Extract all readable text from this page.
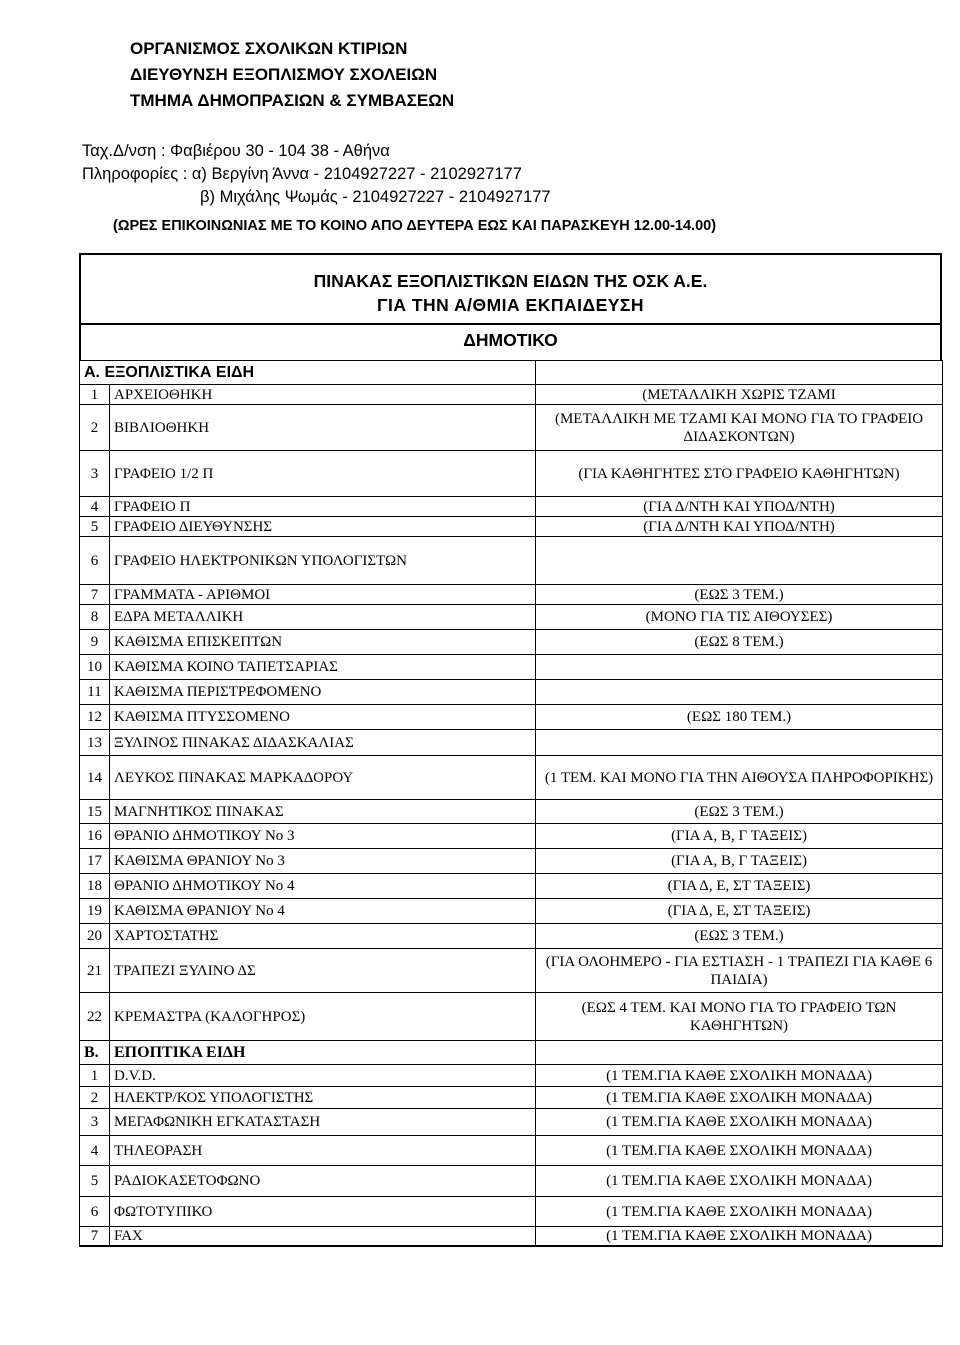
ΟΡΓΑΝΙΣΜΟΣ ΣΧΟΛΙΚΩΝ ΚΤΙΡΙΩΝ
ΔΙΕΥΘΥΝΣΗ ΕΞΟΠΛΙΣΜΟΥ ΣΧΟΛΕΙΩΝ
ΤΜΗΜΑ ΔΗΜΟΠΡΑΣΙΩΝ & ΣΥΜΒΑΣΕΩΝ
Ταχ.Δ/νση : Φαβιέρου 30 - 104 38 - Αθήνα
Πληροφορίες : α) Βεργίνη Άννα - 2104927227 - 2102927177
β) Μιχάλης Ψωμάς - 2104927227 - 2104927177
(ΩΡΕΣ ΕΠΙΚΟΙΝΩΝΙΑΣ ΜΕ ΤΟ ΚΟΙΝΟ ΑΠΟ ΔΕΥΤΕΡΑ ΕΩΣ ΚΑΙ ΠΑΡΑΣΚΕΥΗ 12.00-14.00)
ΠΙΝΑΚΑΣ ΕΞΟΠΛΙΣΤΙΚΩΝ ΕΙΔΩΝ ΤΗΣ ΟΣΚ Α.Ε.
ΓΙΑ ΤΗΝ Α/ΘΜΙΑ ΕΚΠΑΙΔΕΥΣΗ
ΔΗΜΟΤΙΚΟ
Α. ΕΞΟΠΛΙΣΤΙΚΑ ΕΙΔΗ		
1	ΑΡΧΕΙΟΘΗΚΗ	(ΜΕΤΑΛΛΙΚΗ ΧΩΡΙΣ ΤΖΑΜΙ
2	ΒΙΒΛΙΟΘΗΚΗ	(ΜΕΤΑΛΛΙΚΗ ΜΕ ΤΖΑΜΙ ΚΑΙ ΜΟΝΟ ΓΙΑ ΤΟ ΓΡΑΦΕΙΟ ΔΙΔΑΣΚΟΝΤΩΝ)
3	ΓΡΑΦΕΙΟ 1/2 Π	(ΓΙΑ ΚΑΘΗΓΗΤΕΣ ΣΤΟ ΓΡΑΦΕΙΟ ΚΑΘΗΓΗΤΩΝ)
4	ΓΡΑΦΕΙΟ Π	(ΓΙΑ Δ/ΝΤΗ ΚΑΙ ΥΠΟΔ/ΝΤΗ)
5	ΓΡΑΦΕΙΟ ΔΙΕΥΘΥΝΣΗΣ	(ΓΙΑ Δ/ΝΤΗ ΚΑΙ ΥΠΟΔ/ΝΤΗ)
6	ΓΡΑΦΕΙΟ ΗΛΕΚΤΡΟΝΙΚΩΝ ΥΠΟΛΟΓΙΣΤΩΝ	
7	ΓΡΑΜΜΑΤΑ - ΑΡΙΘΜΟΙ	(ΕΩΣ 3 ΤΕΜ.)
8	ΕΔΡΑ ΜΕΤΑΛΛΙΚΗ	(ΜΟΝΟ ΓΙΑ ΤΙΣ ΑΙΘΟΥΣΕΣ)
9	ΚΑΘΙΣΜΑ ΕΠΙΣΚΕΠΤΩΝ	(ΕΩΣ 8 ΤΕΜ.)
10	ΚΑΘΙΣΜΑ ΚΟΙΝΟ ΤΑΠΕΤΣΑΡΙΑΣ	
11	ΚΑΘΙΣΜΑ ΠΕΡΙΣΤΡΕΦΟΜΕΝΟ	
12	ΚΑΘΙΣΜΑ ΠΤΥΣΣΟΜΕΝΟ	(ΕΩΣ 180 ΤΕΜ.)
13	ΞΥΛΙΝΟΣ ΠΙΝΑΚΑΣ ΔΙΔΑΣΚΑΛΙΑΣ	
14	ΛΕΥΚΟΣ ΠΙΝΑΚΑΣ ΜΑΡΚΑΔΟΡΟΥ	(1 ΤΕΜ. ΚΑΙ ΜΟΝΟ ΓΙΑ ΤΗΝ ΑΙΘΟΥΣΑ ΠΛΗΡΟΦΟΡΙΚΗΣ)
15	ΜΑΓΝΗΤΙΚΟΣ ΠΙΝΑΚΑΣ	(ΕΩΣ 3 ΤΕΜ.)
16	ΘΡΑΝΙΟ ΔΗΜΟΤΙΚΟΥ Νο 3	(ΓΙΑ Α, Β, Γ ΤΑΞΕΙΣ)
17	ΚΑΘΙΣΜΑ ΘΡΑΝΙΟΥ Νο 3	(ΓΙΑ Α, Β, Γ ΤΑΞΕΙΣ)
18	ΘΡΑΝΙΟ ΔΗΜΟΤΙΚΟΥ Νο 4	(ΓΙΑ Δ, Ε, ΣΤ ΤΑΞΕΙΣ)
19	ΚΑΘΙΣΜΑ ΘΡΑΝΙΟΥ Νο 4	(ΓΙΑ Δ, Ε, ΣΤ ΤΑΞΕΙΣ)
20	ΧΑΡΤΟΣΤΑΤΗΣ	(ΕΩΣ 3 ΤΕΜ.)
21	ΤΡΑΠΕΖΙ ΞΥΛΙΝΟ ΔΣ	(ΓΙΑ ΟΛΟΗΜΕΡΟ - ΓΙΑ ΕΣΤΙΑΣΗ - 1 ΤΡΑΠΕΖΙ ΓΙΑ ΚΑΘΕ 6 ΠΑΙΔΙΑ)
22	ΚΡΕΜΑΣΤΡΑ (ΚΑΛΟΓΗΡΟΣ)	(ΕΩΣ 4 ΤΕΜ. ΚΑΙ ΜΟΝΟ ΓΙΑ ΤΟ ΓΡΑΦΕΙΟ ΤΩΝ ΚΑΘΗΓΗΤΩΝ)
Β.	ΕΠΟΠΤΙΚΑ ΕΙΔΗ	
1	D.V.D.	(1 ΤΕΜ.ΓΙΑ ΚΑΘΕ ΣΧΟΛΙΚΗ ΜΟΝΑΔΑ)
2	ΗΛΕΚΤΡ/ΚΟΣ ΥΠΟΛΟΓΙΣΤΗΣ	(1 ΤΕΜ.ΓΙΑ ΚΑΘΕ ΣΧΟΛΙΚΗ ΜΟΝΑΔΑ)
3	ΜΕΓΑΦΩΝΙΚΗ ΕΓΚΑΤΑΣΤΑΣΗ	(1 ΤΕΜ.ΓΙΑ ΚΑΘΕ ΣΧΟΛΙΚΗ ΜΟΝΑΔΑ)
4	ΤΗΛΕΟΡΑΣΗ	(1 ΤΕΜ.ΓΙΑ ΚΑΘΕ ΣΧΟΛΙΚΗ ΜΟΝΑΔΑ)
5	ΡΑΔΙΟΚΑΣΕΤΟΦΩΝΟ	(1 ΤΕΜ.ΓΙΑ ΚΑΘΕ ΣΧΟΛΙΚΗ ΜΟΝΑΔΑ)
6	ΦΩΤΟΤΥΠΙΚΟ	(1 ΤΕΜ.ΓΙΑ ΚΑΘΕ ΣΧΟΛΙΚΗ ΜΟΝΑΔΑ)
7	FAX	(1 ΤΕΜ.ΓΙΑ ΚΑΘΕ ΣΧΟΛΙΚΗ ΜΟΝΑΔΑ)
